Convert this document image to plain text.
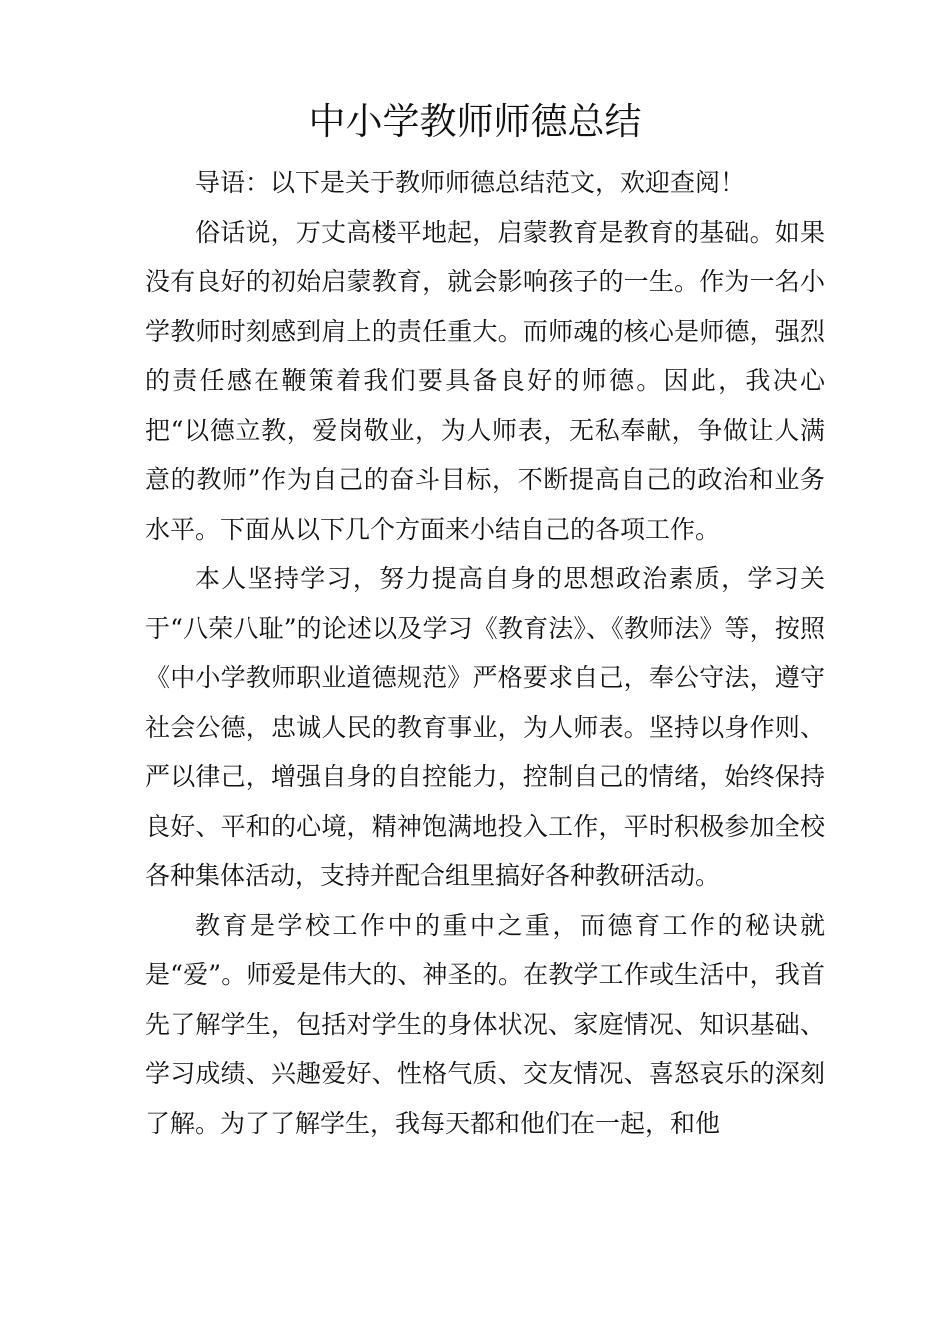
中小学教师师德总结

导语：以下是关于教师师德总结范文，欢迎查阅！

俗话说，万丈高楼平地起，启蒙教育是教育的基础。如果没有良好的初始启蒙教育，就会影响孩子的一生。作为一名小学教师时刻感到肩上的责任重大。而师魂的核心是师德，强烈的责任感在鞭策着我们要具备良好的师德。因此，我决心把“以德立教，爱岗敬业，为人师表，无私奉献，争做让人满意的教师”作为自己的奋斗目标，不断提高自己的政治和业务水平。下面从以下几个方面来小结自己的各项工作。

本人坚持学习，努力提高自身的思想政治素质，学习关于“八荣八耻”的论述以及学习《教育法》、《教师法》等，按照《中小学教师职业道德规范》严格要求自己，奉公守法，遵守社会公德，忠诚人民的教育事业，为人师表。坚持以身作则、严以律己，增强自身的自控能力，控制自己的情绪，始终保持良好、平和的心境，精神饱满地投入工作，平时积极参加全校各种集体活动，支持并配合组里搞好各种教研活动。

教育是学校工作中的重中之重，而德育工作的秘诀就是“爱”。师爱是伟大的、神圣的。在教学工作或生活中，我首先了解学生，包括对学生的身体状况、家庭情况、知识基础、学习成绩、兴趣爱好、性格气质、交友情况、喜怒哀乐的深刻了解。为了了解学生，我每天都和他们在一起，和他
